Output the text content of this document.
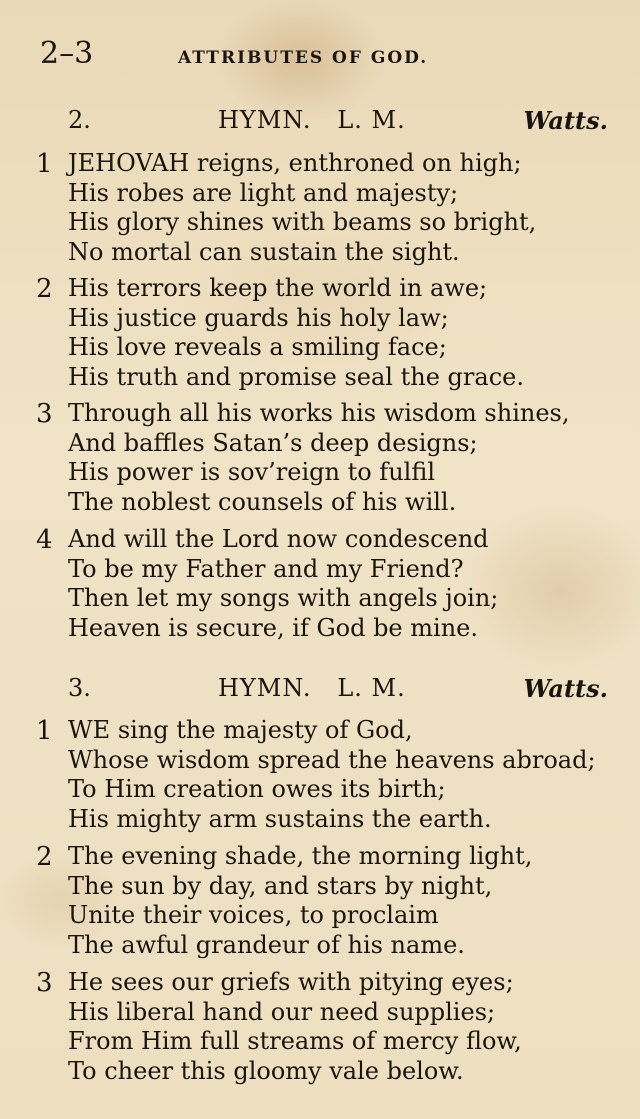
2–3	ATTRIBUTES OF GOD.
2.	HYMN.   L. M.	Watts.
1 JEHOVAH reigns, enthroned on high;
His robes are light and majesty;
His glory shines with beams so bright,
No mortal can sustain the sight.
2 His terrors keep the world in awe;
His justice guards his holy law;
His love reveals a smiling face;
His truth and promise seal the grace.
3 Through all his works his wisdom shines,
And baffles Satan’s deep designs;
His power is sov’reign to fulfil
The noblest counsels of his will.
4 And will the Lord now condescend
To be my Father and my Friend?
Then let my songs with angels join;
Heaven is secure, if God be mine.
3.	HYMN.   L. M.	Watts.
1 WE sing the majesty of God,
Whose wisdom spread the heavens abroad;
To Him creation owes its birth;
His mighty arm sustains the earth.
2 The evening shade, the morning light,
The sun by day, and stars by night,
Unite their voices, to proclaim
The awful grandeur of his name.
3 He sees our griefs with pitying eyes;
His liberal hand our need supplies;
From Him full streams of mercy flow,
To cheer this gloomy vale below.
